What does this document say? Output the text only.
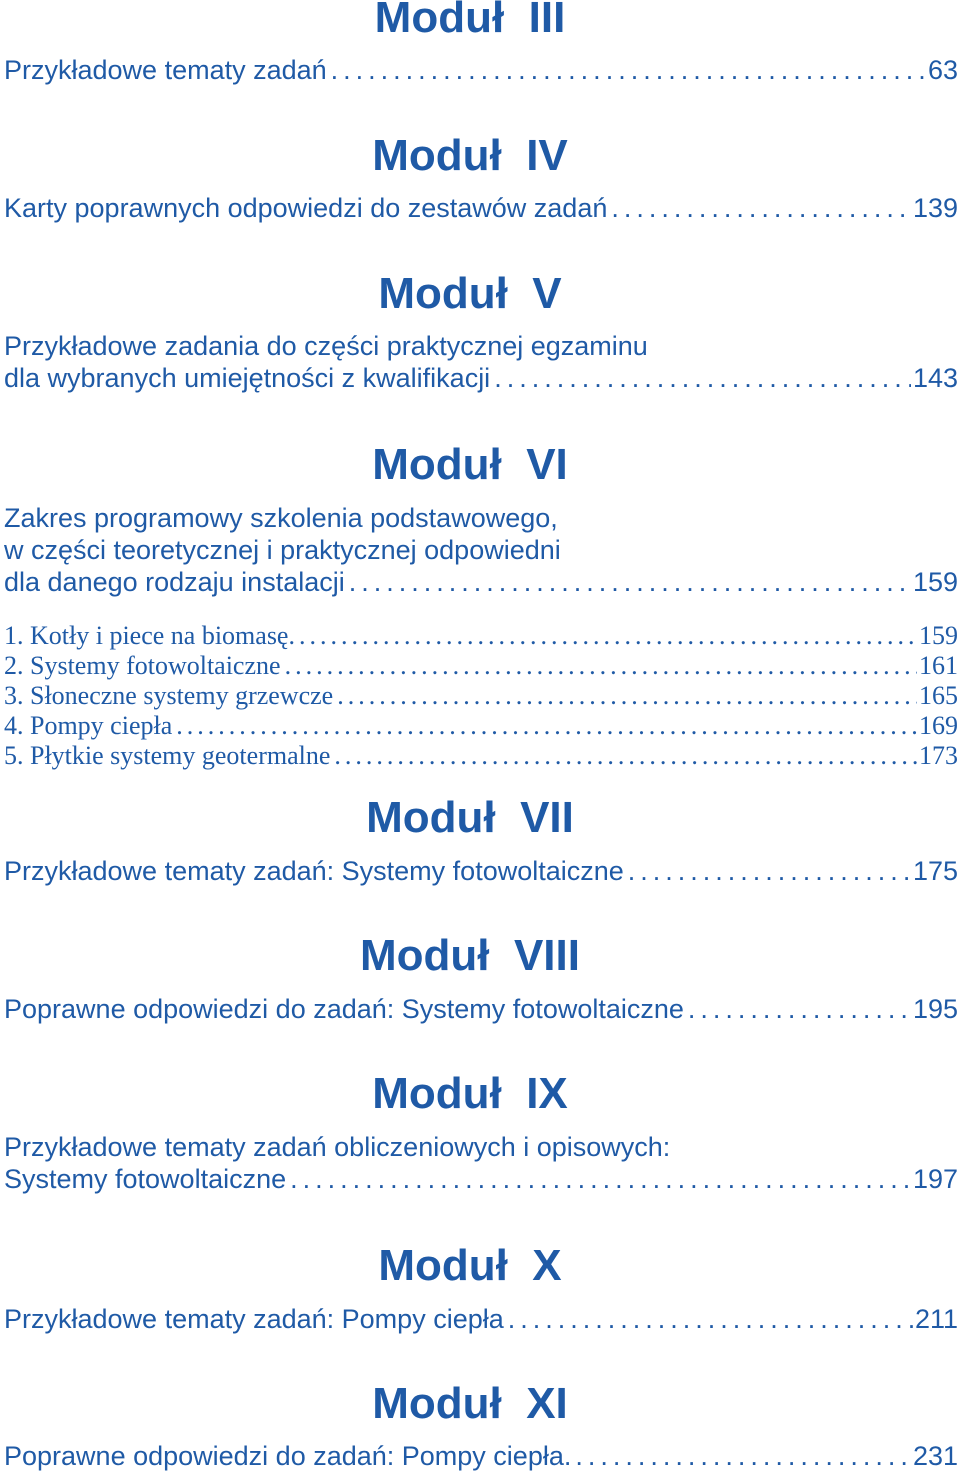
Moduł  III
Przykładowe tematy zadań .....	63
Moduł  IV
Karty poprawnych odpowiedzi do zestawów zadań .....	139
Moduł  V
Przykładowe zadania do części praktycznej egzaminu
dla wybranych umiejętności z kwalifikacji .....	143
Moduł  VI
Zakres programowy szkolenia podstawowego,
w części teoretycznej i praktycznej odpowiedni
dla danego rodzaju instalacji .....	159
1. Kotły i piece na biomasę. .....	159
2. Systemy fotowoltaiczne .....	161
3. Słoneczne systemy grzewcze .....	165
4. Pompy ciepła .....	169
5. Płytkie systemy geotermalne .....	173
Moduł  VII
Przykładowe tematy zadań: Systemy fotowoltaiczne .....	175
Moduł  VIII
Poprawne odpowiedzi do zadań: Systemy fotowoltaiczne .....	195
Moduł  IX
Przykładowe tematy zadań obliczeniowych i opisowych:
Systemy fotowoltaiczne .....	197
Moduł  X
Przykładowe tematy zadań: Pompy ciepła .....	211
Moduł  XI
Poprawne odpowiedzi do zadań: Pompy ciepła. .....	231
